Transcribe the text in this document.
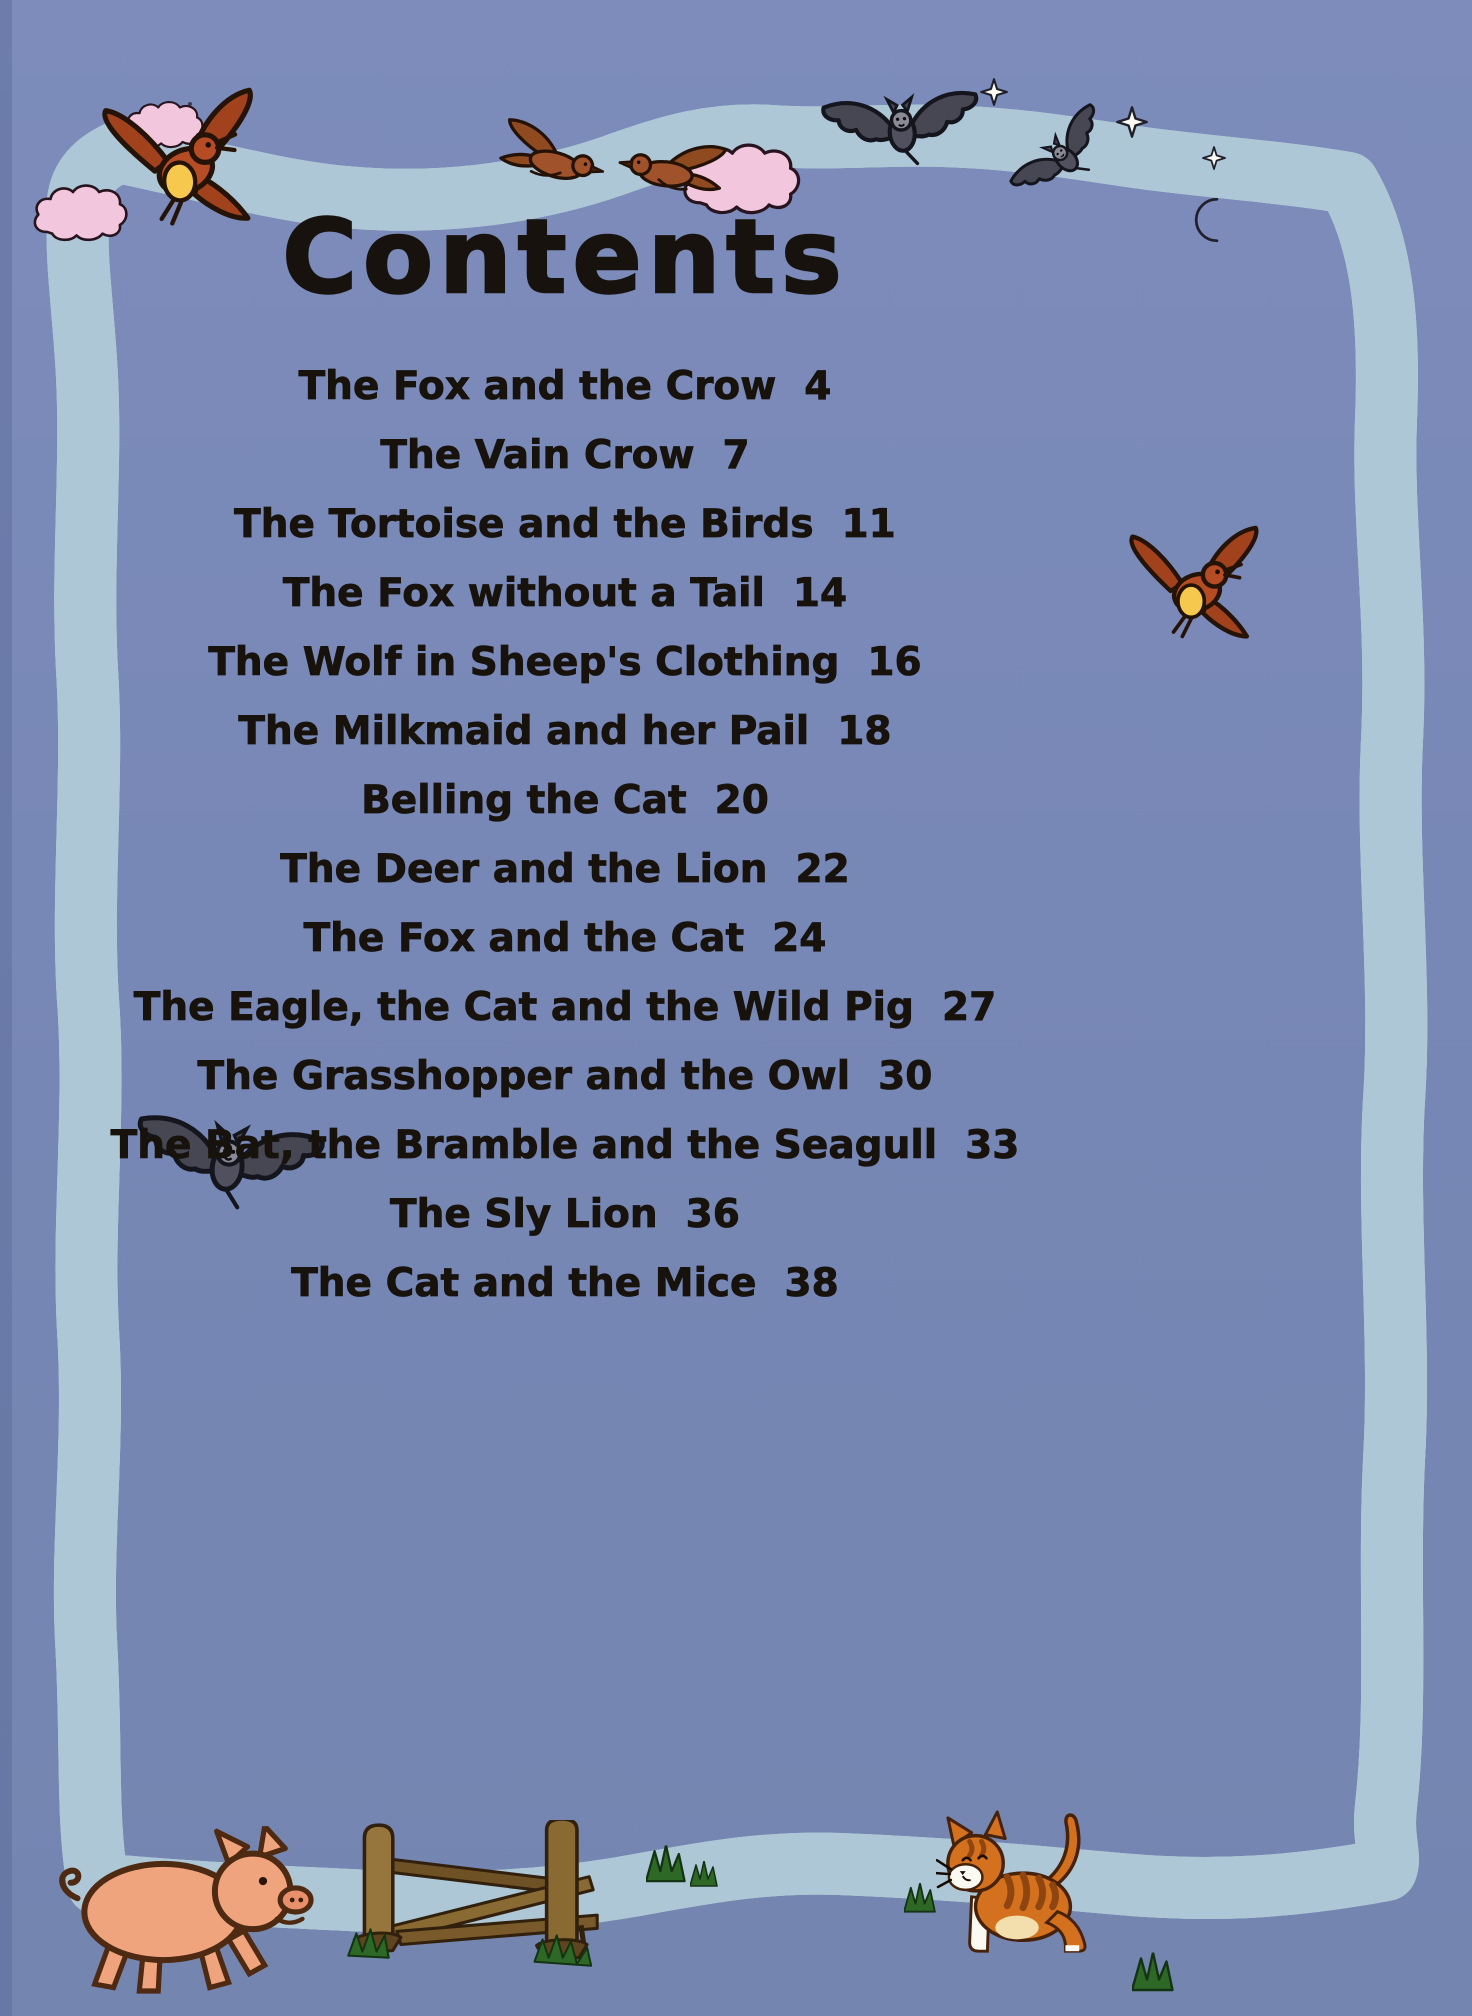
Contents
The Fox and the Crow 4
The Vain Crow 7
The Tortoise and the Birds 11
The Fox without a Tail 14
The Wolf in Sheep's Clothing 16
The Milkmaid and her Pail 18
Belling the Cat 20
The Deer and the Lion 22
The Fox and the Cat 24
The Eagle, the Cat and the Wild Pig 27
The Grasshopper and the Owl 30
The Bat, the Bramble and the Seagull 33
The Sly Lion 36
The Cat and the Mice 38
